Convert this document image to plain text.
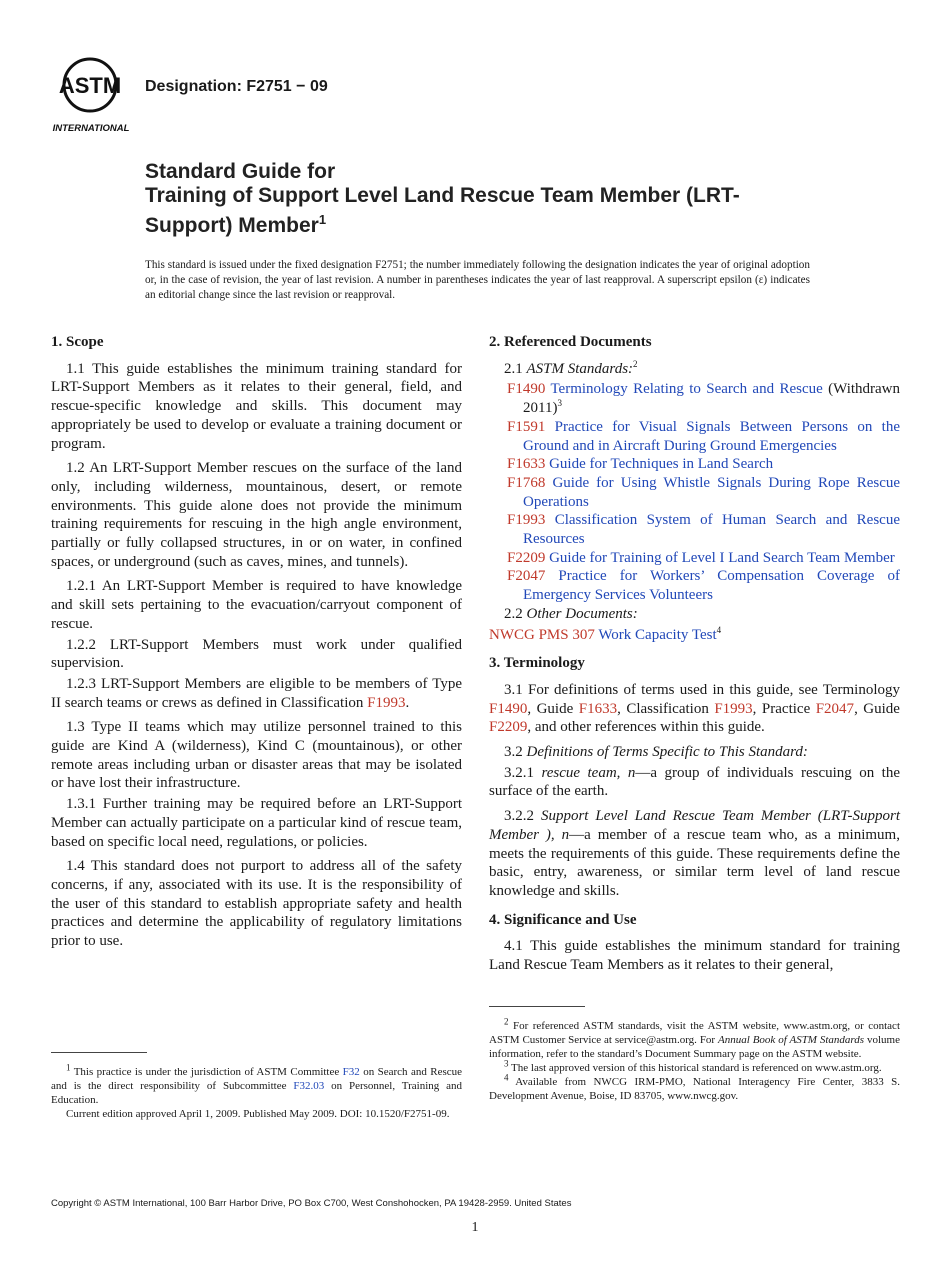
ASTM
INTERNATIONAL
Designation: F2751 − 09
Standard Guide for
Training of Support Level Land Rescue Team Member (LRT-
Support) Member$^1$
This standard is issued under the fixed designation F2751; the number immediately following the designation indicates the year of original adoption or, in the case of revision, the year of last revision. A number in parentheses indicates the year of last reapproval. A superscript epsilon (ε) indicates an editorial change since the last revision or reapproval.
1. Scope

1.1 This guide establishes the minimum training standard for LRT-Support Members as it relates to their general, field, and rescue-specific knowledge and skills. This document may appropriately be used to develop or evaluate a training document or program.

1.2 An LRT-Support Member rescues on the surface of the land only, including wilderness, mountainous, desert, or remote environments. This guide alone does not provide the minimum training requirements for rescuing in the high angle environment, partially or fully collapsed structures, in or on water, in confined spaces, or underground (such as caves, mines, and tunnels).

1.2.1 An LRT-Support Member is required to have knowledge and skill sets pertaining to the evacuation/carryout component of rescue.

1.2.2 LRT-Support Members must work under qualified supervision.

1.2.3 LRT-Support Members are eligible to be members of Type II search teams or crews as defined in Classification F1993.

1.3 Type II teams which may utilize personnel trained to this guide are Kind A (wilderness), Kind C (mountainous), or other remote areas including urban or disaster areas that may be isolated or have lost their infrastructure.

1.3.1 Further training may be required before an LRT-Support Member can actually participate on a particular kind of rescue team, based on specific local need, regulations, or policies.

1.4 This standard does not purport to address all of the safety concerns, if any, associated with its use. It is the responsibility of the user of this standard to establish appropriate safety and health practices and determine the applicability of regulatory limitations prior to use.

2. Referenced Documents

2.1 ASTM Standards:$^2$

F1490 Terminology Relating to Search and Rescue (Withdrawn 2011)$^3$

F1591 Practice for Visual Signals Between Persons on the Ground and in Aircraft During Ground Emergencies

F1633 Guide for Techniques in Land Search

F1768 Guide for Using Whistle Signals During Rope Rescue Operations

F1993 Classification System of Human Search and Rescue Resources

F2209 Guide for Training of Level I Land Search Team Member

F2047 Practice for Workers’ Compensation Coverage of Emergency Services Volunteers

2.2 Other Documents:

NWCG PMS 307 Work Capacity Test$^4$

3. Terminology

3.1 For definitions of terms used in this guide, see Terminology F1490, Guide F1633, Classification F1993, Practice F2047, Guide F2209, and other references within this guide.

3.2 Definitions of Terms Specific to This Standard:

3.2.1 rescue team, n—a group of individuals rescuing on the surface of the earth.

3.2.2 Support Level Land Rescue Team Member (LRT-Support Member ), n—a member of a rescue team who, as a minimum, meets the requirements of this guide. These requirements define the basic, entry, awareness, or similar term level of land rescue knowledge and skills.

4. Significance and Use

4.1 This guide establishes the minimum standard for training Land Rescue Team Members as it relates to their general,

$^1$ This practice is under the jurisdiction of ASTM Committee F32 on Search and Rescue and is the direct responsibility of Subcommittee F32.03 on Personnel, Training and Education.

Current edition approved April 1, 2009. Published May 2009. DOI: 10.1520/F2751-09.

$^2$ For referenced ASTM standards, visit the ASTM website, www.astm.org, or contact ASTM Customer Service at service@astm.org. For Annual Book of ASTM Standards volume information, refer to the standard’s Document Summary page on the ASTM website.

$^3$ The last approved version of this historical standard is referenced on www.astm.org.

$^4$ Available from NWCG IRM-PMO, National Interagency Fire Center, 3833 S. Development Avenue, Boise, ID 83705, www.nwcg.gov.

Copyright © ASTM International, 100 Barr Harbor Drive, PO Box C700, West Conshohocken, PA 19428-2959. United States
1
